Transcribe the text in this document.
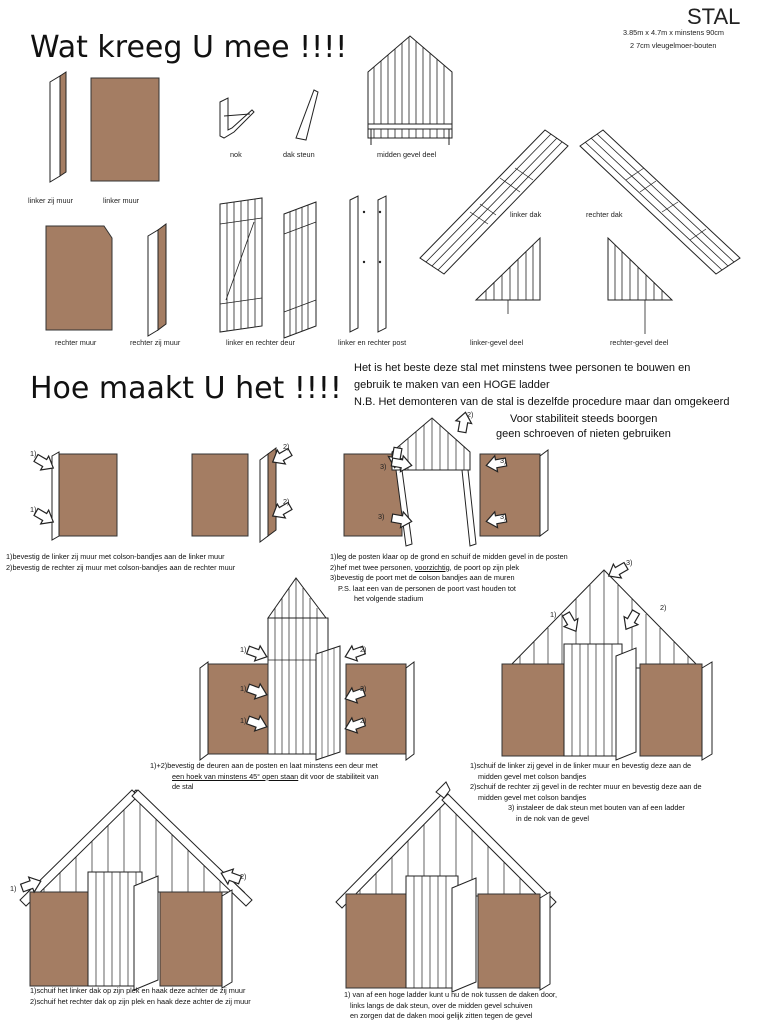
STAL
3.85m x 4.7m x minstens 90cm
2 7cm vleugelmoer-bouten
Wat kreeg U mee !!!!
nok	dak steun	midden gevel deel
linker zij muur	linker muur
linker dak	rechter dak
rechter muur	rechter zij muur	linker en rechter deur	linker en rechter post	linker-gevel deel	rechter-gevel deel
Hoe maakt U het !!!!
Het is het beste deze stal met minstens twee personen te bouwen en
gebruik te maken van een HOGE ladder
N.B. Het demonteren van de stal is dezelfde procedure maar dan omgekeerd
Voor stabiliteit steeds boorgen
geen schroeven of nieten gebruiken
1)
1)
2)
2)
2)
3)
3)
3)
3)
1)
1)
1)
2)
2)
2)
1)
2)
3)
1)
2)
1)bevestig de linker zij muur met colson-bandjes aan de linker muur
2)bevestig de rechter zij muur met colson-bandjes aan de rechter muur
1)leg de posten klaar op de grond en schuif de midden gevel in de posten
2)hef met twee personen, voorzichtig, de poort op zijn plek
3)bevestig de poort met de colson bandjes aan de muren
P.S. laat een van de personen de poort vast houden tot
het volgende stadium
1)+2)bevestig de deuren aan de posten en laat minstens een deur met
een hoek van minstens 45° open staan dit voor de stabiliteit van
de stal
1)schuif de linker zij gevel in de linker muur en bevestig deze aan de
midden gevel met colson bandjes
2)schuif de rechter zij gevel in de rechter muur en bevestig deze aan de
midden gevel met colson bandjes
3) instaleer de dak steun met bouten van af een ladder
in de nok van de gevel
1)schuif het linker dak op zijn plek en haak deze achter de zij muur
2)schuif het rechter dak op zijn plek en haak deze achter de zij muur
1) van af een hoge ladder kunt u nu de nok tussen de daken door,
links langs de dak steun, over de midden gevel schuiven
en zorgen dat de daken mooi gelijk zitten tegen de gevel
